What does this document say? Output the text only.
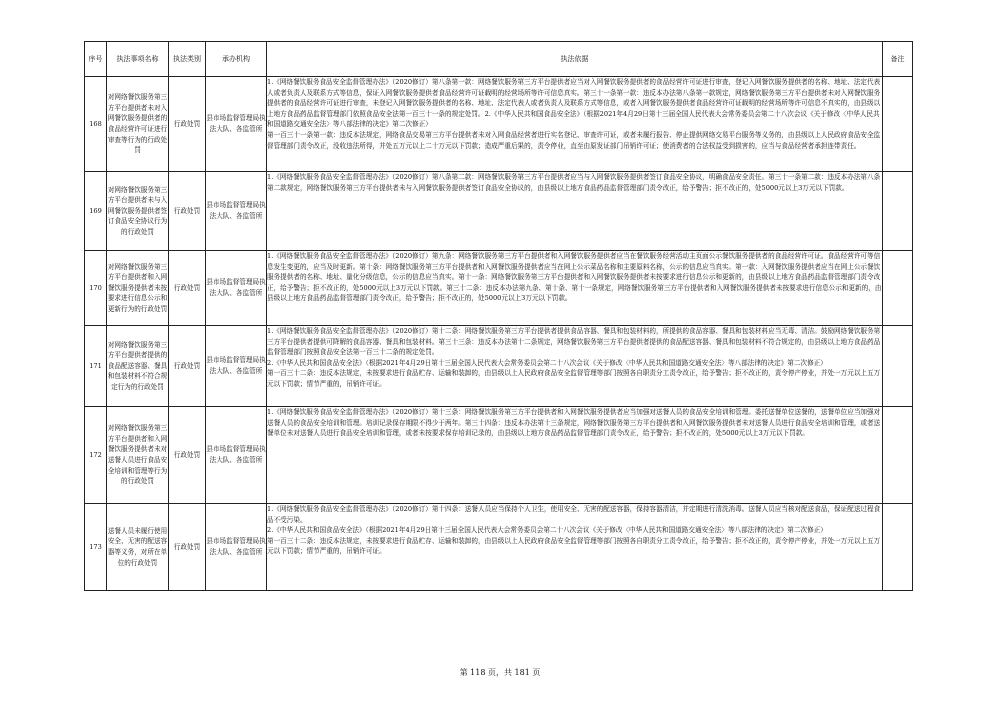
序号	执法事项名称	执法类别	承办机构	执法依据	备注
168	对网络餐饮服务第三方平台提供者未对入网餐饮服务提供者的食品经营许可证进行审查等行为的行政处罚	行政处罚	县市场监督管理局执法大队、各监管所	1.《网络餐饮服务食品安全监督管理办法》（2020修订）第八条第一款：网络餐饮服务第三方平台提供者应当对入网餐饮服务提供者的食品经营许可证进行审查，登记入网餐饮服务提供者的名称、地址、法定代表人或者负责人及联系方式等信息，保证入网餐饮服务提供者食品经营许可证载明的经营场所等许可信息真实。第三十一条第一款：违反本办法第八条第一款规定，网络餐饮服务第三方平台提供者未对入网餐饮服务提供者的食品经营许可证进行审查，未登记入网餐饮服务提供者的名称、地址、法定代表人或者负责人及联系方式等信息，或者入网餐饮服务提供者食品经营许可证载明的经营场所等许可信息不真实的，由县级以上地方食品药品监督管理部门依照食品安全法第一百三十一条的规定处罚。2.《中华人民共和国食品安全法》（根据2021年4月29日第十三届全国人民代表大会常务委员会第二十八次会议《关于修改〈中华人民共和国道路交通安全法〉等八部法律的决定》第二次修正）
第一百三十一条第一款：违反本法规定，网络食品交易第三方平台提供者未对入网食品经营者进行实名登记、审查许可证，或者未履行报告、停止提供网络交易平台服务等义务的，由县级以上人民政府食品安全监督管理部门责令改正，没收违法所得，并处五万元以上二十万元以下罚款；造成严重后果的，责令停业，直至由原发证部门吊销许可证；使消费者的合法权益受到损害的，应当与食品经营者承担连带责任。	

169	对网络餐饮服务第三方平台提供者未与入网餐饮服务提供者签订食品安全协议行为的行政处罚	行政处罚	县市场监督管理局执法大队、各监管所	1.《网络餐饮服务食品安全监督管理办法》（2020修订）第八条第二款：网络餐饮服务第三方平台提供者应当与入网餐饮服务提供者签订食品安全协议，明确食品安全责任。第三十一条第二款：违反本办法第八条第二款规定，网络餐饮服务第三方平台提供者未与入网餐饮服务提供者签订食品安全协议的，由县级以上地方食品药品监督管理部门责令改正，给予警告；拒不改正的，处5000元以上3万元以下罚款。	

170	对网络餐饮服务第三方平台提供者和入网餐饮服务提供者未按要求进行信息公示和更新行为的行政处罚	行政处罚	县市场监督管理局执法大队、各监管所	1.《网络餐饮服务食品安全监督管理办法》（2020修订）第九条：网络餐饮服务第三方平台提供者和入网餐饮服务提供者应当在餐饮服务经营活动主页面公示餐饮服务提供者的食品经营许可证。食品经营许可等信息发生变更的，应当及时更新。第十条：网络餐饮服务第三方平台提供者和入网餐饮服务提供者应当在网上公示菜品名称和主要原料名称，公示的信息应当真实。第一款：入网餐饮服务提供者应当在网上公示餐饮服务提供者的名称、地址、量化分级信息，公示的信息应当真实。第十一条：网络餐饮服务第三方平台提供者和入网餐饮服务提供者未按要求进行信息公示和更新的，由县级以上地方食品药品监督管理部门责令改正，给予警告；拒不改正的，处5000元以上3万元以下罚款。第三十二条：违反本办法第九条、第十条、第十一条规定，网络餐饮服务第三方平台提供者和入网餐饮服务提供者未按要求进行信息公示和更新的，由县级以上地方食品药品监督管理部门责令改正，给予警告；拒不改正的，处5000元以上3万元以下罚款。	

171	对网络餐饮服务第三方平台提供者提供的食品配送容器、餐具和包装材料不符合规定行为的行政处罚	行政处罚	县市场监督管理局执法大队、各监管所	1.《网络餐饮服务食品安全监督管理办法》（2020修订）第十二条：网络餐饮服务第三方平台提供者提供食品容器、餐具和包装材料的，所提供的食品容器、餐具和包装材料应当无毒、清洁。鼓励网络餐饮服务第三方平台提供者提供可降解的食品容器、餐具和包装材料。第三十三条：违反本办法第十二条规定，网络餐饮服务第三方平台提供者提供的食品配送容器、餐具和包装材料不符合规定的，由县级以上地方食品药品监督管理部门按照食品安全法第一百三十二条的规定处罚。
2.《中华人民共和国食品安全法》（根据2021年4月29日第十三届全国人民代表大会常务委员会第二十八次会议《关于修改〈中华人民共和国道路交通安全法〉等八部法律的决定》第二次修正）
第一百三十二条：违反本法规定，未按要求进行食品贮存、运输和装卸的，由县级以上人民政府食品安全监督管理等部门按照各自职责分工责令改正，给予警告；拒不改正的，责令停产停业，并处一万元以上五万元以下罚款；情节严重的，吊销许可证。	

172	对网络餐饮服务第三方平台提供者和入网餐饮服务提供者未对送餐人员进行食品安全培训和管理等行为的行政处罚	行政处罚	县市场监督管理局执法大队、各监管所	1.《网络餐饮服务食品安全监督管理办法》（2020修订）第十三条：网络餐饮服务第三方平台提供者和入网餐饮服务提供者应当加强对送餐人员的食品安全培训和管理。委托送餐单位送餐的，送餐单位应当加强对送餐人员的食品安全培训和管理。培训记录保存期限不得少于两年。第三十四条：违反本办法第十三条规定，网络餐饮服务第三方平台提供者和入网餐饮服务提供者未对送餐人员进行食品安全培训和管理，或者送餐单位未对送餐人员进行食品安全培训和管理，或者未按要求保存培训记录的，由县级以上地方食品药品监督管理部门责令改正，给予警告；拒不改正的，处5000元以上3万元以下罚款。	

173	送餐人员未履行使用安全、无害的配送容器等义务，对所在单位的行政处罚	行政处罚	县市场监督管理局执法大队、各监管所	1.《网络餐饮服务食品安全监督管理办法》（2020修订）第十四条：送餐人员应当保持个人卫生，使用安全、无害的配送容器，保持容器清洁，并定期进行清洗消毒。送餐人员应当核对配送食品，保证配送过程食品不受污染。
2.《中华人民共和国食品安全法》（根据2021年4月29日第十三届全国人民代表大会常务委员会第二十八次会议《关于修改〈中华人民共和国道路交通安全法〉等八部法律的决定》第二次修正）
第一百三十二条：违反本法规定，未按要求进行食品贮存、运输和装卸的，由县级以上人民政府食品安全监督管理等部门按照各自职责分工责令改正，给予警告；拒不改正的，责令停产停业，并处一万元以上五万元以下罚款；情节严重的，吊销许可证。	

第 118 页，共 181 页
